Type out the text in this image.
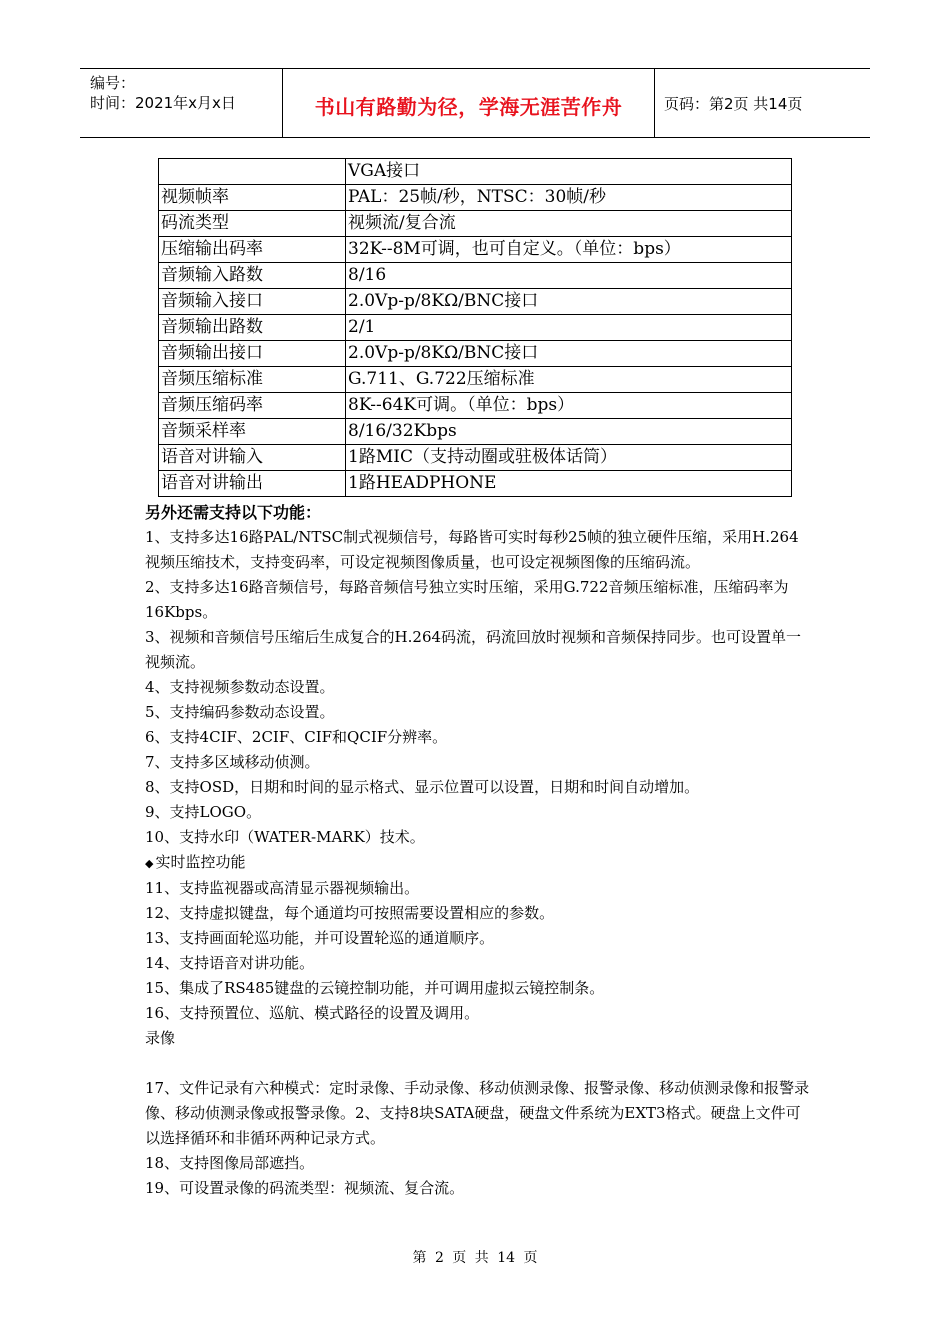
编号：
时间：2021年x月x日	书山有路勤为径，学海无涯苦作舟	页码：第2页 共14页
	VGA接口
视频帧率	PAL：25帧/秒，NTSC：30帧/秒
码流类型	视频流/复合流
压缩输出码率	32K--8M可调，也可自定义。（单位：bps）
音频输入路数	8/16
音频输入接口	2.0Vp-p/8KΩ/BNC接口
音频输出路数	2/1
音频输出接口	2.0Vp-p/8KΩ/BNC接口
音频压缩标准	G.711、G.722压缩标准
音频压缩码率	8K--64K可调。（单位：bps）
音频采样率	8/16/32Kbps
语音对讲输入	1路MIC（支持动圈或驻极体话筒）
语音对讲输出	1路HEADPHONE

另外还需支持以下功能：

1、支持多达16路PAL/NTSC制式视频信号，每路皆可实时每秒25帧的独立硬件压缩，采用H.264视频压缩技术，支持变码率，可设定视频图像质量，也可设定视频图像的压缩码流。

2、支持多达16路音频信号，每路音频信号独立实时压缩，采用G.722音频压缩标准，压缩码率为16Kbps。

3、视频和音频信号压缩后生成复合的H.264码流，码流回放时视频和音频保持同步。也可设置单一视频流。

4、支持视频参数动态设置。

5、支持编码参数动态设置。

6、支持4CIF、2CIF、CIF和QCIF分辨率。

7、支持多区域移动侦测。

8、支持OSD，日期和时间的显示格式、显示位置可以设置，日期和时间自动增加。

9、支持LOGO。

10、支持水印（WATER-MARK）技术。

◆ 实时监控功能

11、支持监视器或高清显示器视频输出。

12、支持虚拟键盘，每个通道均可按照需要设置相应的参数。

13、支持画面轮巡功能，并可设置轮巡的通道顺序。

14、支持语音对讲功能。

15、集成了RS485键盘的云镜控制功能，并可调用虚拟云镜控制条。

16、支持预置位、巡航、模式路径的设置及调用。

录像

17、文件记录有六种模式：定时录像、手动录像、移动侦测录像、报警录像、移动侦测录像和报警录像、移动侦测录像或报警录像。2、支持8块SATA硬盘，硬盘文件系统为EXT3格式。硬盘上文件可以选择循环和非循环两种记录方式。

18、支持图像局部遮挡。

19、可设置录像的码流类型：视频流、复合流。

第 2 页 共 14 页
